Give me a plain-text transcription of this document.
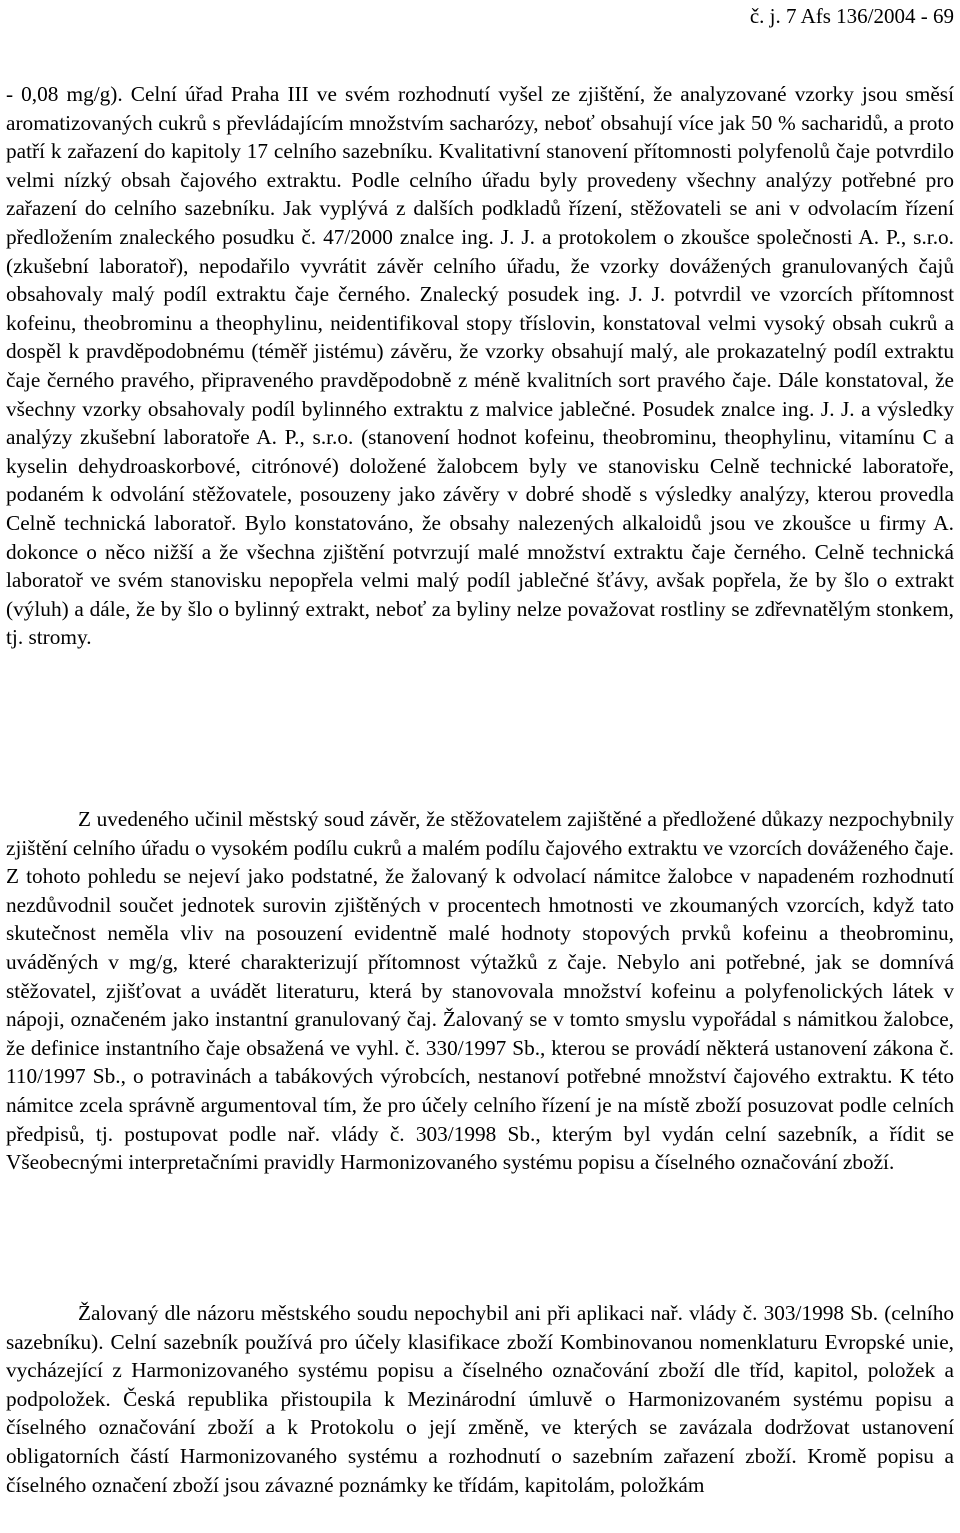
č. j. 7 Afs 136/2004 - 69

- 0,08 mg/g). Celní úřad Praha III ve svém rozhodnutí vyšel ze zjištění, že analyzované vzorky jsou směsí aromatizovaných cukrů s převládajícím množstvím sacharózy, neboť obsahují více jak 50 % sacharidů, a proto patří k zařazení do kapitoly 17 celního sazebníku. Kvalitativní stanovení přítomnosti polyfenolů čaje potvrdilo velmi nízký obsah čajového extraktu. Podle celního úřadu byly provedeny všechny analýzy potřebné pro zařazení do celního sazebníku. Jak vyplývá z dalších podkladů řízení, stěžovateli se ani v odvolacím řízení předložením znaleckého posudku č. 47/2000 znalce ing. J. J. a protokolem o zkoušce společnosti A. P., s.r.o. (zkušební laboratoř), nepodařilo vyvrátit závěr celního úřadu, že vzorky dovážených granulovaných čajů obsahovaly malý podíl extraktu čaje černého. Znalecký posudek ing. J. J. potvrdil ve vzorcích přítomnost kofeinu, theobrominu a theophylinu, neidentifikoval stopy tříslovin, konstatoval velmi vysoký obsah cukrů a dospěl k pravděpodobnému (téměř jistému) závěru, že vzorky obsahují malý, ale prokazatelný podíl extraktu čaje černého pravého, připraveného pravděpodobně z méně kvalitních sort pravého čaje. Dále konstatoval, že všechny vzorky obsahovaly podíl bylinného extraktu z malvice jablečné. Posudek znalce ing. J. J. a výsledky analýzy zkušební laboratoře A. P., s.r.o. (stanovení hodnot kofeinu, theobrominu, theophylinu, vitamínu C a kyselin dehydroaskorbové, citrónové) doložené žalobcem byly ve stanovisku Celně technické laboratoře, podaném k odvolání stěžovatele, posouzeny jako závěry v dobré shodě s výsledky analýzy, kterou provedla Celně technická laboratoř. Bylo konstatováno, že obsahy nalezených alkaloidů jsou ve zkoušce u firmy A. dokonce o něco nižší a že všechna zjištění potvrzují malé množství extraktu čaje černého. Celně technická laboratoř ve svém stanovisku nepopřela velmi malý podíl jablečné šťávy, avšak popřela, že by šlo o extrakt (výluh) a dále, že by šlo o bylinný extrakt, neboť za byliny nelze považovat rostliny se zdřevnatělým stonkem, tj. stromy.

Z uvedeného učinil městský soud závěr, že stěžovatelem zajištěné a předložené důkazy nezpochybnily zjištění celního úřadu o vysokém podílu cukrů a malém podílu čajového extraktu ve vzorcích dováženého čaje. Z tohoto pohledu se nejeví jako podstatné, že žalovaný k odvolací námitce žalobce v napadeném rozhodnutí nezdůvodnil součet jednotek surovin zjištěných v procentech hmotnosti ve zkoumaných vzorcích, když tato skutečnost neměla vliv na posouzení evidentně malé hodnoty stopových prvků kofeinu a theobrominu, uváděných v mg/g, které charakterizují přítomnost výtažků z čaje. Nebylo ani potřebné, jak se domnívá stěžovatel, zjišťovat a uvádět literaturu, která by stanovovala množství kofeinu a polyfenolických látek v nápoji, označeném jako instantní granulovaný čaj. Žalovaný se v tomto smyslu vypořádal s námitkou žalobce, že definice instantního čaje obsažená ve vyhl. č. 330/1997 Sb., kterou se provádí některá ustanovení zákona č. 110/1997 Sb., o potravinách a tabákových výrobcích, nestanoví potřebné množství čajového extraktu. K této námitce zcela správně argumentoval tím, že pro účely celního řízení je na místě zboží posuzovat podle celních předpisů, tj. postupovat podle nař. vlády č. 303/1998 Sb., kterým byl vydán celní sazebník, a řídit se Všeobecnými interpretačními pravidly Harmonizovaného systému popisu a číselného označování zboží.

Žalovaný dle názoru městského soudu nepochybil ani při aplikaci nař. vlády č. 303/1998 Sb. (celního sazebníku). Celní sazebník používá pro účely klasifikace zboží Kombinovanou nomenklaturu Evropské unie, vycházející z Harmonizovaného systému popisu a číselného označování zboží dle tříd, kapitol, položek a podpoložek. Česká republika přistoupila k Mezinárodní úmluvě o Harmonizovaném systému popisu a číselného označování zboží a k Protokolu o její změně, ve kterých se zavázala dodržovat ustanovení obligatorních částí Harmonizovaného systému a rozhodnutí o sazebním zařazení zboží. Kromě popisu a číselného označení zboží jsou závazné poznámky ke třídám, kapitolám, položkám
